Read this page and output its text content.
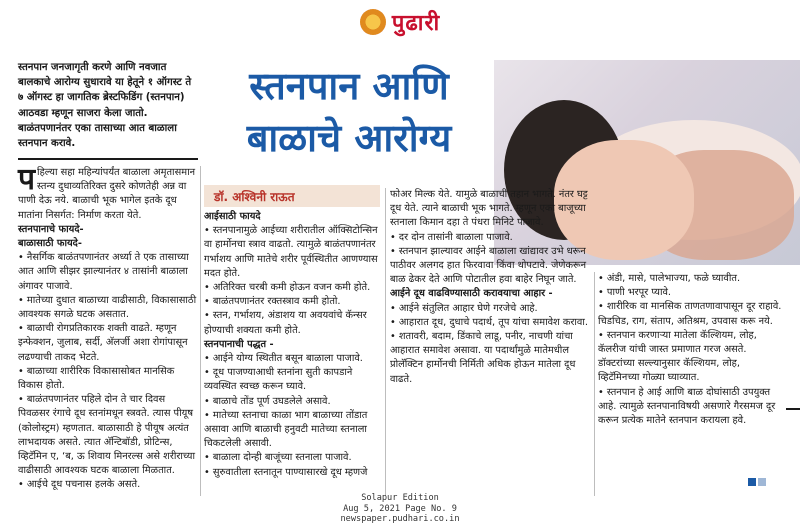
पुढारी
स्तनपान जनजागृती करणे आणि नवजात बालकाचे आरोग्य सुधारावे या हेतूने १ ऑगस्ट ते ७ ऑगस्ट हा जागतिक ब्रेस्टफिडिंग (स्तनपान) आठवडा म्हणून साजरा केला जातो. बाळंतपणानंतर एका तासाच्या आत बाळाला स्तनपान करावे.
स्तनपान आणि
बाळाचे आरोग्य
डॉ. अश्‍विनी राऊत

पहिल्या सहा महिन्यांपर्यंत बाळाला अमृतासमान स्तन्य दुधाव्यतिरिक्त दुसरे कोणतेही अन्न वा पाणी देऊ नये. बाळाची भूक भागेल इतके दूध मातांना निसर्गत: निर्माण करता येते.

स्तनपानाचे फायदे-

बाळासाठी फायदे-

• नैसर्गिक बाळंतपणानंतर अर्ध्या ते एक तासाच्या आत आणि सीझर झाल्यानंतर ४ तासांनी बाळाला अंगावर पाजावे.

• मातेच्या दुधात बाळाच्या वाढीसाठी, विकासासाठी आवश्यक सगळे घटक असतात.

• बाळाची रोगप्रतिकारक शक्ती वाढते. म्हणून इन्फेक्शन, जुलाब, सर्दी, अ‍ॅलर्जी अशा रोगांपासून लढण्याची ताकद भेटते.

• बाळाच्या शारीरिक विकासासोबत मानसिक विकास होतो.

• बाळंतपणानंतर पहिले दोन ते चार दिवस पिवळसर रंगाचे दूध स्तनांमधून स्त्रवते. त्यास पीयूष (कोलोस्ट्रम) म्हणतात. बाळासाठी हे पीयूष अत्यंत लाभदायक असते. त्यात अ‍ॅन्टिबॉडी, प्रोटिन्स, व्हिटॅमिन ए, ‘ब, ऊ शिवाय मिनरल्स असे शरीराच्या वाढीसाठी आवश्यक घटक बाळाला मिळतात.

• आईचे दूध पचनास हलके असते.

आईसाठी फायदे

• स्तनपानामुळे आईच्या शरीरातील ऑक्सिटोन्सिन वा हार्मोनचा स्त्राव वाढतो. त्यामुळे बाळंतपणानंतर गर्भाशय आणि मातेचे शरीर पूर्वस्थितीत आणण्यास मदत होते.

• अतिरिक्त चरबी कमी होऊन वजन कमी होते.

• बाळंतपणानंतर रक्तस्त्राव कमी होतो.

• स्तन, गर्भाशय, अंडाशय या अवयवांचे कॅन्सर होण्याची शक्यता कमी होते.

स्तनपानाची पद्धत -

• आईने योग्य स्थितीत बसून बाळाला पाजावे.

• दूध पाजण्याआधी स्तनांना सुती कापडाने व्यवस्थित स्वच्छ करून घ्यावे.

• बाळाचे तोंड पूर्ण उघडलेले असावे.

• मातेच्या स्तनाचा काळा भाग बाळाच्या तोंडात असावा आणि बाळाची हनुवटी मातेच्या स्तनाला चिकटलेली असावी.

• बाळाला दोन्ही बाजूंच्या स्तनाला पाजावे.

• सुरुवातीला स्तनातून पाण्यासारखे दूध म्हणजे

फोअर मिल्क येते. यामुळे बाळाची तहान भागते. नंतर घट्ट दूध येते. त्याने बाळाची भूक भागते. म्हणून एका बाजूच्या स्तनाला किमान दहा ते पंधरा मिनिटे पाजावे.

• दर दोन तासांनी बाळाला पाजावे.

• स्तनपान झाल्यावर आईने बाळाला खांद्यावर उभे धरून पाठीवर अलगद हात फिरवावा किंवा थोपटावे. जेणेकरून बाळ ढेकर देते आणि पोटातील हवा बाहेर निघून जाते.

आईने दूध वाढविण्यासाठी करावयाचा आहार -

• आईने संतुलित आहार घेणे गरजेचे आहे.

• आहारात दूध, दुधाचे पदार्थ, तूप यांचा समावेश करावा.

• शतावरी, बदाम, डिंकाचे लाडू, पनीर, नाचणी यांचा आहारात समावेश असावा. या पदार्थांमुळे मातेमधील प्रोलॅक्टिन हार्मोनची निर्मिती अधिक होऊन मातेला दूध वाढते.

• अंडी, मासे, पालेभाज्या, फळे घ्यावीत.

• पाणी भरपूर प्यावे.

• शारीरिक वा मानसिक ताणतणावापासून दूर राहावे. चिडचिड, राग, संताप, अतिश्रम, उपवास करू नये.

• स्तनपान करणाऱ्या मातेला कॅल्शियम, लोह, कॅलरीज यांची जास्त प्रमाणात गरज असते. डॉक्टरांच्या सल्ल्यानुसार कॅल्शियम, लोह, व्हिटॅमिनच्या गोळ्या घ्याव्यात.

• स्तनपान हे आई आणि बाळ दोघांसाठी उपयुक्त आहे. त्यामुळे स्तनपानाविषयी असणारे गैरसमज दूर करून प्रत्येक मातेने स्तनपान करायला हवे.

Solapur Edition
Aug 5, 2021 Page No. 9
newspaper.pudhari.co.in
